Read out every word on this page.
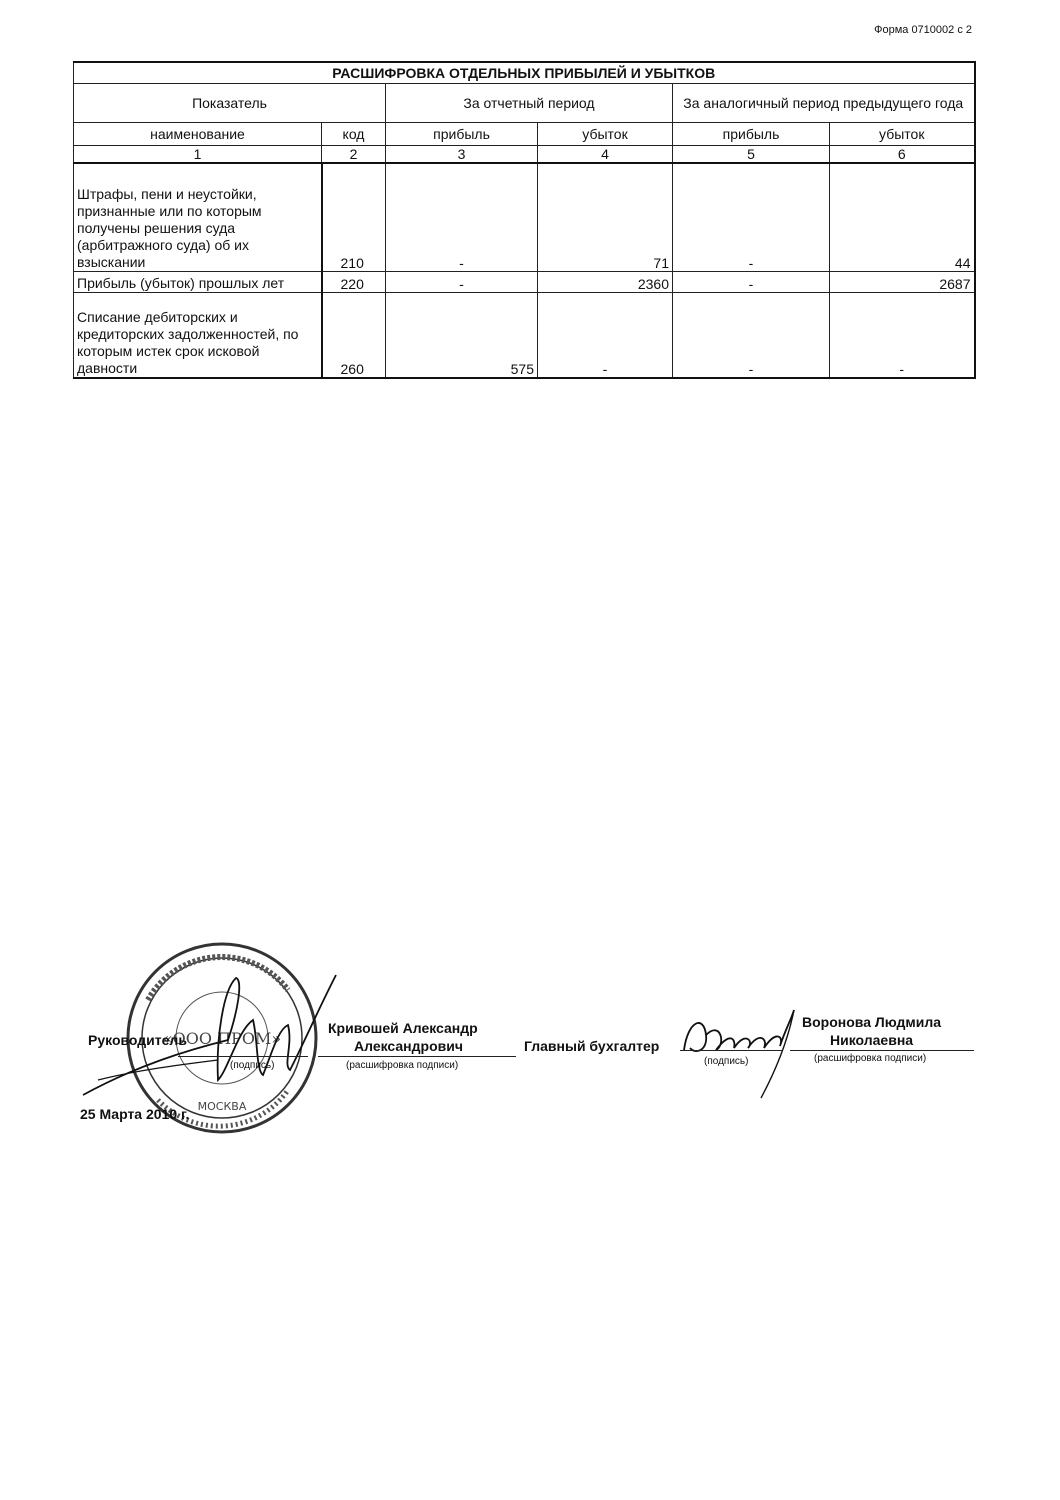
Форма 0710002 с 2
РАСШИФРОВКА ОТДЕЛЬНЫХ ПРИБЫЛЕЙ И УБЫТКОВ					
Показатель		За отчетный период		За аналогичный период предыдущего года	
наименование	код	прибыль	убыток	прибыль	убыток
1	2	3	4	5	6
Штрафы, пени и неустойки, признанные или по которым получены решения суда (арбитражного суда) об их взыскании	210	-	71	-	44
Прибыль (убыток) прошлых лет	220	-	2360	-	2687
Списание дебиторских и кредиторских задолженностей, по которым истек срок исковой давности	260	575	-	-	-
«ООО ПРОМ»
МОСКВА
Руководитель
Кривошей Александр
Александрович
(подпись)	(расшифровка подписи)
Главный бухгалтер
Воронова Людмила
Николаевна
(подпись)	(расшифровка подписи)
25 Марта 2010 г.
